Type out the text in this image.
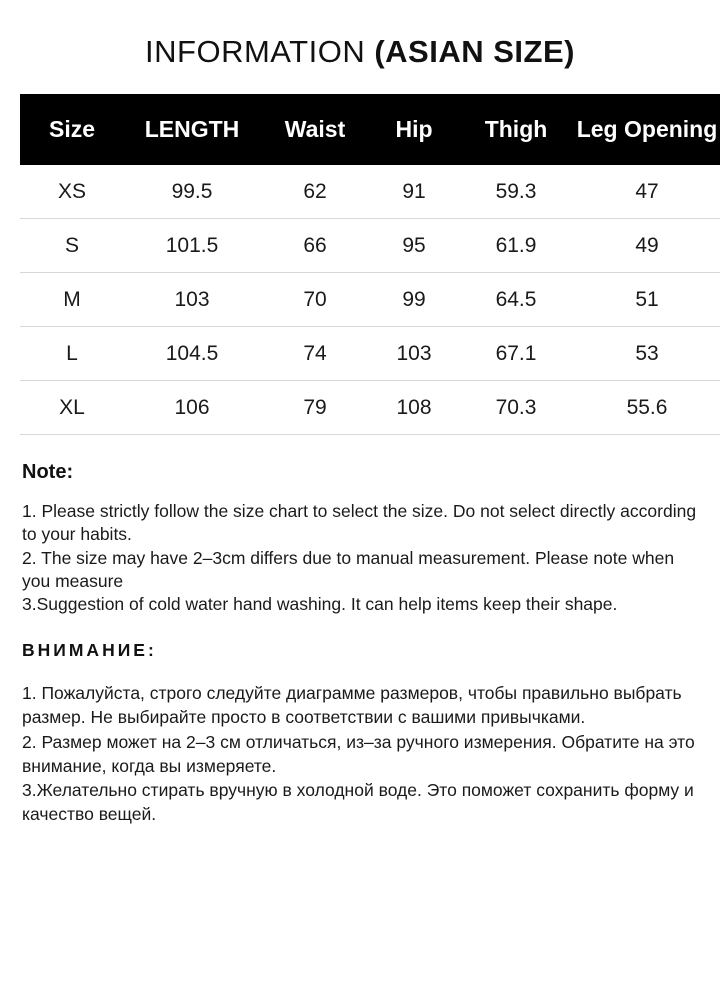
INFORMATION (ASIAN SIZE)
Size	LENGTH	Waist	Hip	Thigh	Leg Opening
XS	99.5	62	91	59.3	47
S	101.5	66	95	61.9	49
M	103	70	99	64.5	51
L	104.5	74	103	67.1	53
XL	106	79	108	70.3	55.6
Note:

1. Please strictly follow the size chart to select the size. Do not select directly according to your habits.

2. The size may have 2–3cm differs due to manual measurement. Please note when you measure

3.Suggestion of cold water hand washing. It can help items keep their shape.

ВНИМАНИЕ:

1. Пожалуйста, строго следуйте диаграмме размеров, чтобы правильно выбрать размер. Не выбирайте просто в соответствии с вашими привычками.

2. Размер может на 2–3 см отличаться, из–за ручного измерения. Обратите на это внимание, когда вы измеряете.

3.Желательно стирать вручную в холодной воде. Это поможет сохранить форму и качество вещей.
